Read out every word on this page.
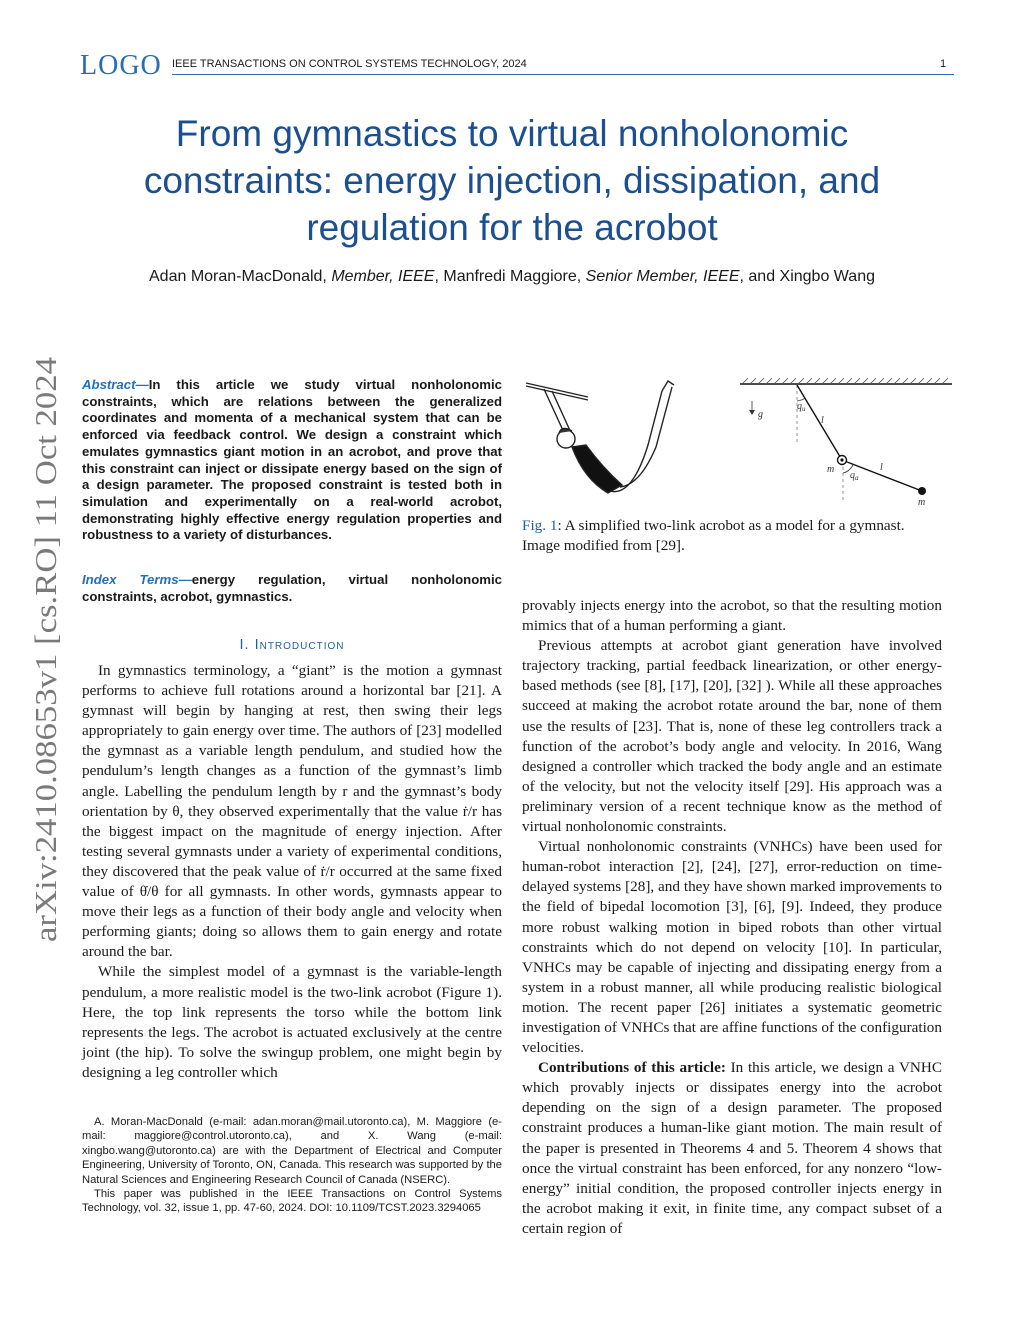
LOGO IEEE TRANSACTIONS ON CONTROL SYSTEMS TECHNOLOGY, 2024	1
From gymnastics to virtual nonholonomic constraints: energy injection, dissipation, and regulation for the acrobot
Adan Moran-MacDonald, Member, IEEE, Manfredi Maggiore, Senior Member, IEEE, and Xingbo Wang
arXiv:2410.08653v1 [cs.RO] 11 Oct 2024
Abstract—In this article we study virtual nonholonomic constraints, which are relations between the generalized coordinates and momenta of a mechanical system that can be enforced via feedback control. We design a constraint which emulates gymnastics giant motion in an acrobot, and prove that this constraint can inject or dissipate energy based on the sign of a design parameter. The proposed constraint is tested both in simulation and experimentally on a real-world acrobot, demonstrating highly effective energy regulation properties and robustness to a variety of disturbances.
Index Terms—energy regulation, virtual nonholonomic constraints, acrobot, gymnastics.
I. Introduction

In gymnastics terminology, a “giant” is the motion a gymnast performs to achieve full rotations around a horizontal bar [21]. A gymnast will begin by hanging at rest, then swing their legs appropriately to gain energy over time. The authors of [23] modelled the gymnast as a variable length pendulum, and studied how the pendulum’s length changes as a function of the gymnast’s limb angle. Labelling the pendulum length by r and the gymnast’s body orientation by θ, they observed experimentally that the value ṙ/r has the biggest impact on the magnitude of energy injection. After testing several gymnasts under a variety of experimental conditions, they discovered that the peak value of ṙ/r occurred at the same fixed value of θ̇/θ for all gymnasts. In other words, gymnasts appear to move their legs as a function of their body angle and velocity when performing giants; doing so allows them to gain energy and rotate around the bar.

While the simplest model of a gymnast is the variable-length pendulum, a more realistic model is the two-link acrobot (Figure 1). Here, the top link represents the torso while the bottom link represents the legs. The acrobot is actuated exclusively at the centre joint (the hip). To solve the swingup problem, one might begin by designing a leg controller which

A. Moran-MacDonald (e-mail: adan.moran@mail.utoronto.ca), M. Maggiore (e-mail: maggiore@control.utoronto.ca), and X. Wang (e-mail: xingbo.wang@utoronto.ca) are with the Department of Electrical and Computer Engineering, University of Toronto, ON, Canada. This research was supported by the Natural Sciences and Engineering Research Council of Canada (NSERC).

This paper was published in the IEEE Transactions on Control Systems Technology, vol. 32, issue 1, pp. 47-60, 2024. DOI: 10.1109/TCST.2023.3294065

g
$q_u$
l
m
$q_a$
l
m
Fig. 1: A simplified two-link acrobot as a model for a gymnast. Image modified from [29].

provably injects energy into the acrobot, so that the resulting motion mimics that of a human performing a giant.

Previous attempts at acrobot giant generation have involved trajectory tracking, partial feedback linearization, or other energy-based methods (see [8], [17], [20], [32] ). While all these approaches succeed at making the acrobot rotate around the bar, none of them use the results of [23]. That is, none of these leg controllers track a function of the acrobot’s body angle and velocity. In 2016, Wang designed a controller which tracked the body angle and an estimate of the velocity, but not the velocity itself [29]. His approach was a preliminary version of a recent technique know as the method of virtual nonholonomic constraints.

Virtual nonholonomic constraints (VNHCs) have been used for human-robot interaction [2], [24], [27], error-reduction on time-delayed systems [28], and they have shown marked improvements to the field of bipedal locomotion [3], [6], [9]. Indeed, they produce more robust walking motion in biped robots than other virtual constraints which do not depend on velocity [10]. In particular, VNHCs may be capable of injecting and dissipating energy from a system in a robust manner, all while producing realistic biological motion. The recent paper [26] initiates a systematic geometric investigation of VNHCs that are affine functions of the configuration velocities.

Contributions of this article: In this article, we design a VNHC which provably injects or dissipates energy into the acrobot depending on the sign of a design parameter. The proposed constraint produces a human-like giant motion. The main result of the paper is presented in Theorems 4 and 5. Theorem 4 shows that once the virtual constraint has been enforced, for any nonzero “low-energy” initial condition, the proposed controller injects energy in the acrobot making it exit, in finite time, any compact subset of a certain region of
